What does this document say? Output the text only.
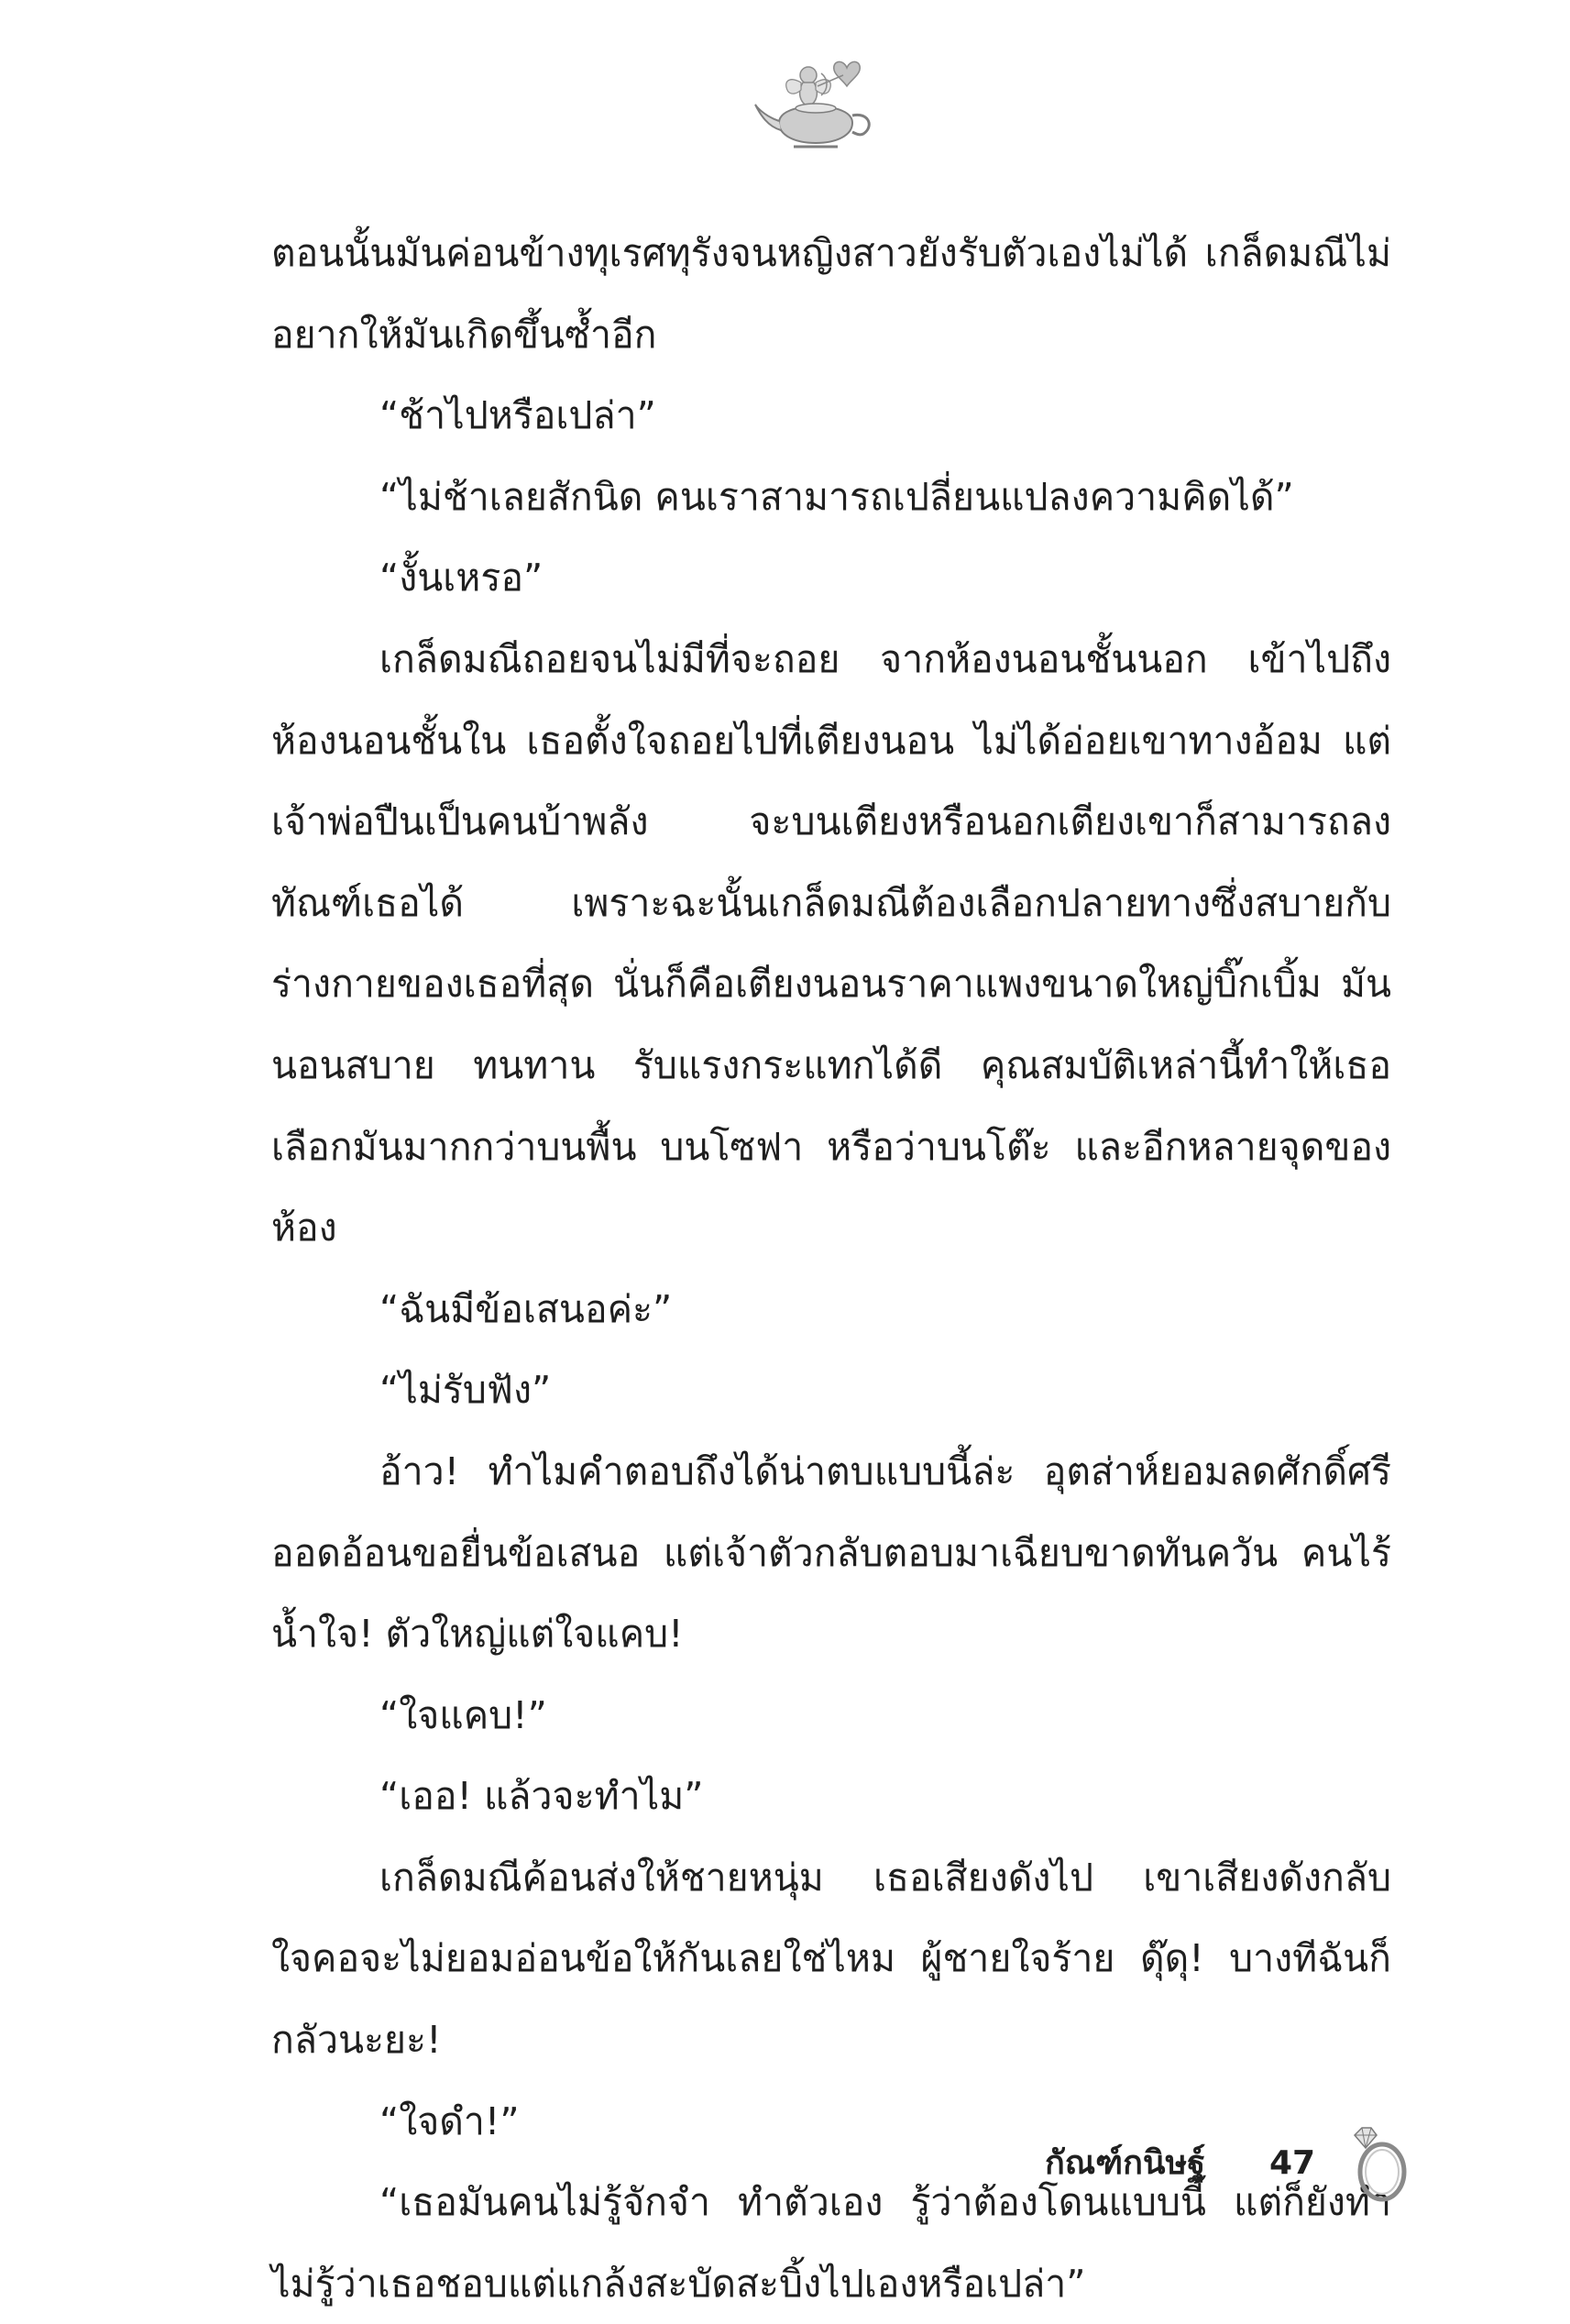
ตอนนั้นมันค่อนข้างทุเรศทุรังจนหญิงสาวยังรับตัวเองไม่ได้ เกล็ดมณีไม่อยากให้มันเกิดขึ้นซ้ำอีก

“ช้าไปหรือเปล่า”

“ไม่ช้าเลยสักนิด คนเราสามารถเปลี่ยนแปลงความคิดได้”

“งั้นเหรอ”

เกล็ดมณีถอยจนไม่มีที่จะถอย จากห้องนอนชั้นนอก เข้าไปถึงห้องนอนชั้นใน เธอตั้งใจถอยไปที่เตียงนอน ไม่ได้อ่อยเขาทางอ้อม แต่เจ้าพ่อปืนเป็นคนบ้าพลัง จะบนเตียงหรือนอกเตียงเขาก็สามารถลงทัณฑ์เธอได้ เพราะฉะนั้นเกล็ดมณีต้องเลือกปลายทางซึ่งสบายกับร่างกายของเธอที่สุด นั่นก็คือเตียงนอนราคาแพงขนาดใหญ่บิ๊กเบิ้ม มันนอนสบาย ทนทาน รับแรงกระแทกได้ดี คุณสมบัติเหล่านี้ทำให้เธอเลือกมันมากกว่าบนพื้น บนโซฟา หรือว่าบนโต๊ะ และอีกหลายจุดของห้อง

“ฉันมีข้อเสนอค่ะ”

“ไม่รับฟัง”

อ้าว! ทำไมคำตอบถึงได้น่าตบแบบนี้ล่ะ อุตส่าห์ยอมลดศักดิ์ศรีออดอ้อนขอยื่นข้อเสนอ แต่เจ้าตัวกลับตอบมาเฉียบขาดทันควัน คนไร้น้ำใจ! ตัวใหญ่แต่ใจแคบ!

“ใจแคบ!”

“เออ! แล้วจะทำไม”

เกล็ดมณีค้อนส่งให้ชายหนุ่ม เธอเสียงดังไป เขาเสียงดังกลับ ใจคอจะไม่ยอมอ่อนข้อให้กันเลยใช่ไหม ผู้ชายใจร้าย ดุ๊ดุ! บางทีฉันก็กลัวนะยะ!

“ใจดำ!”

“เธอมันคนไม่รู้จักจำ ทำตัวเอง รู้ว่าต้องโดนแบบนี้ แต่ก็ยังทำ ไม่รู้ว่าเธอชอบแต่แกล้งสะบัดสะบิ้งไปเองหรือเปล่า”

กัณฑ์กนิษฐ์ 47
